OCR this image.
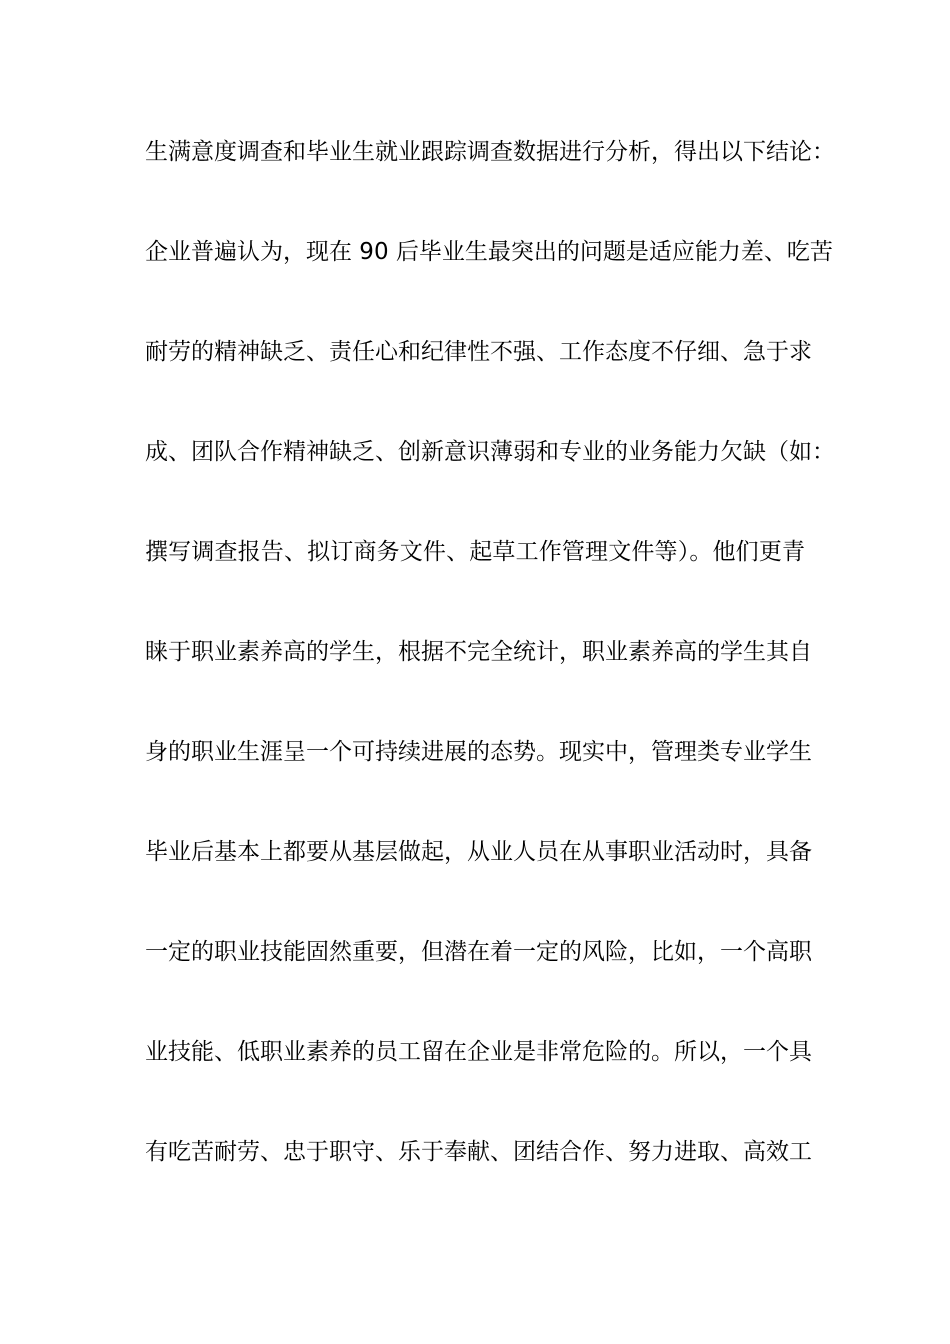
生满意度调查和毕业生就业跟踪调查数据进行分析，得出以下结论：
企业普遍认为，现在 90 后毕业生最突出的问题是适应能力差、吃苦
耐劳的精神缺乏、责任心和纪律性不强、工作态度不仔细、急于求
成、团队合作精神缺乏、创新意识薄弱和专业的业务能力欠缺（如：
撰写调查报告、拟订商务文件、起草工作管理文件等）。他们更青
睐于职业素养高的学生，根据不完全统计，职业素养高的学生其自
身的职业生涯呈一个可持续进展的态势。现实中，管理类专业学生
毕业后基本上都要从基层做起，从业人员在从事职业活动时，具备
一定的职业技能固然重要，但潜在着一定的风险，比如，一个高职
业技能、低职业素养的员工留在企业是非常危险的。所以，一个具
有吃苦耐劳、忠于职守、乐于奉献、团结合作、努力进取、高效工
